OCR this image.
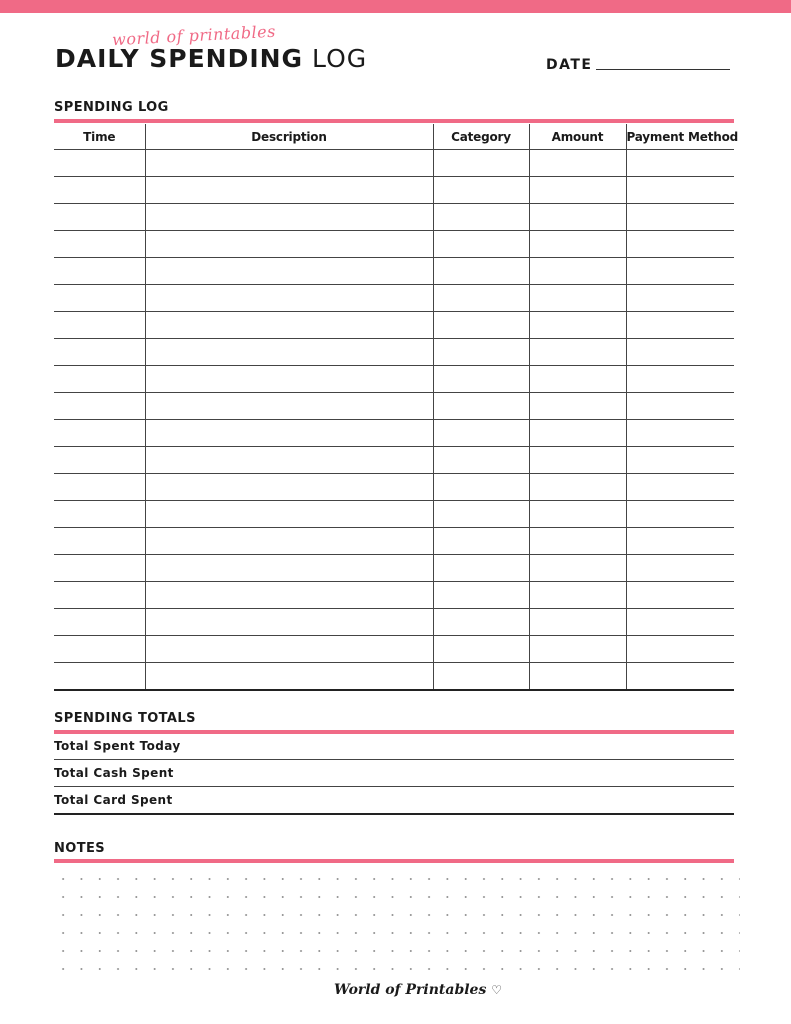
world of printables
DAILY SPENDING LOG	DATE
SPENDING LOG
Time	Description	Category	Amount	Payment Method

SPENDING TOTALS
Total Spent Today
Total Cash Spent
Total Card Spent
NOTES
World of Printables ♡
